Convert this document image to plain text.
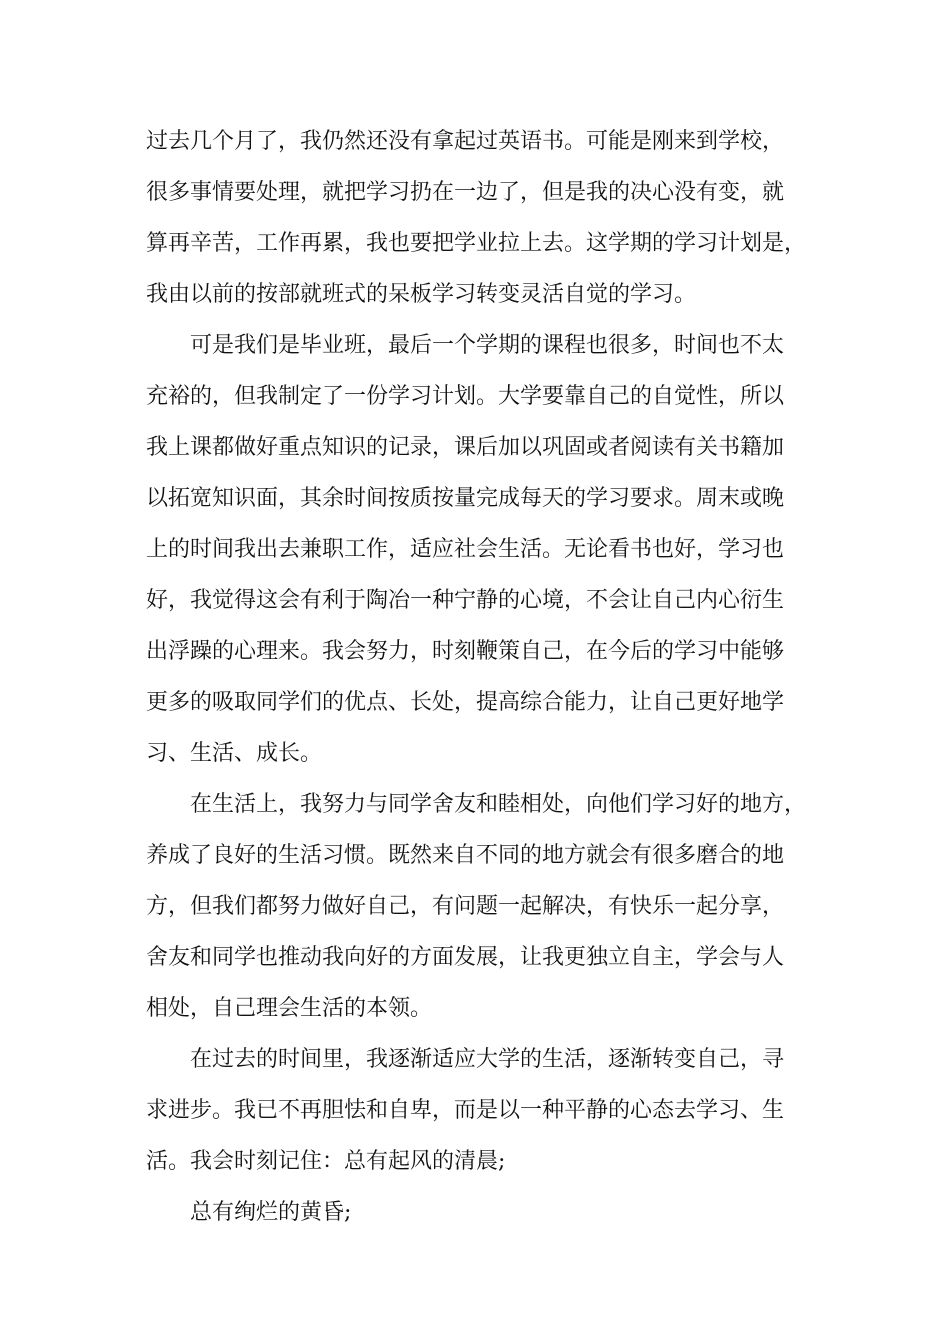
过去几个月了，我仍然还没有拿起过英语书。可能是刚来到学校，
很多事情要处理，就把学习扔在一边了，但是我的决心没有变，就
算再辛苦，工作再累，我也要把学业拉上去。这学期的学习计划是，
我由以前的按部就班式的呆板学习转变灵活自觉的学习。
可是我们是毕业班，最后一个学期的课程也很多，时间也不太
充裕的，但我制定了一份学习计划。大学要靠自己的自觉性，所以
我上课都做好重点知识的记录，课后加以巩固或者阅读有关书籍加
以拓宽知识面，其余时间按质按量完成每天的学习要求。周末或晚
上的时间我出去兼职工作，适应社会生活。无论看书也好，学习也
好，我觉得这会有利于陶冶一种宁静的心境，不会让自己内心衍生
出浮躁的心理来。我会努力，时刻鞭策自己，在今后的学习中能够
更多的吸取同学们的优点、长处，提高综合能力，让自己更好地学
习、生活、成长。
在生活上，我努力与同学舍友和睦相处，向他们学习好的地方，
养成了良好的生活习惯。既然来自不同的地方就会有很多磨合的地
方，但我们都努力做好自己，有问题一起解决，有快乐一起分享，
舍友和同学也推动我向好的方面发展，让我更独立自主，学会与人
相处，自己理会生活的本领。
在过去的时间里，我逐渐适应大学的生活，逐渐转变自己，寻
求进步。我已不再胆怯和自卑，而是以一种平静的心态去学习、生
活。我会时刻记住：总有起风的清晨;
总有绚烂的黄昏;
